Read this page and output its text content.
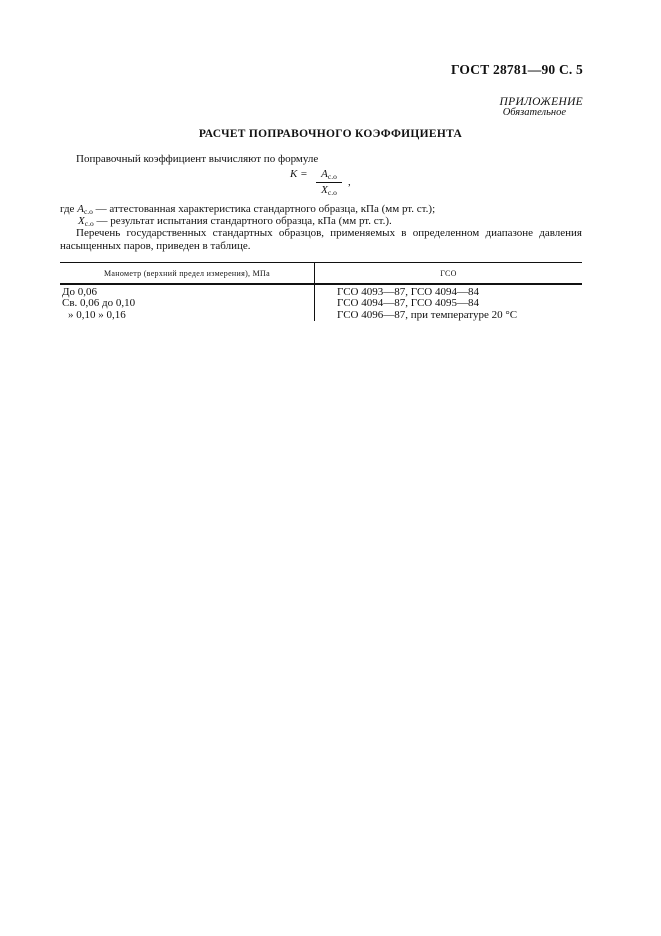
ГОСТ 28781—90 С. 5
ПРИЛОЖЕНИЕ
Обязательное
РАСЧЕТ ПОПРАВОЧНОГО КОЭФФИЦИЕНТА
Поправочный коэффициент вычисляют по формуле
K =	$A_{c.o}$
$X_{c.o}$
,
где $A_{c.o}$ — аттестованная характеристика стандартного образца, кПа (мм рт. ст.);
$X_{c.o}$ — результат испытания стандартного образца, кПа (мм рт. ст.).
Перечень государственных стандартных образцов, применяемых в определенном диапазоне давления насыщенных паров, приведен в таблице.
Манометр (верхний предел измерения), МПа	ГСО
До 0,06	ГСО 4093—87, ГСО 4094—84
Св. 0,06 до 0,10	ГСО 4094—87, ГСО 4095—84
» 0,10 » 0,16	ГСО 4096—87, при температуре 20 °С
